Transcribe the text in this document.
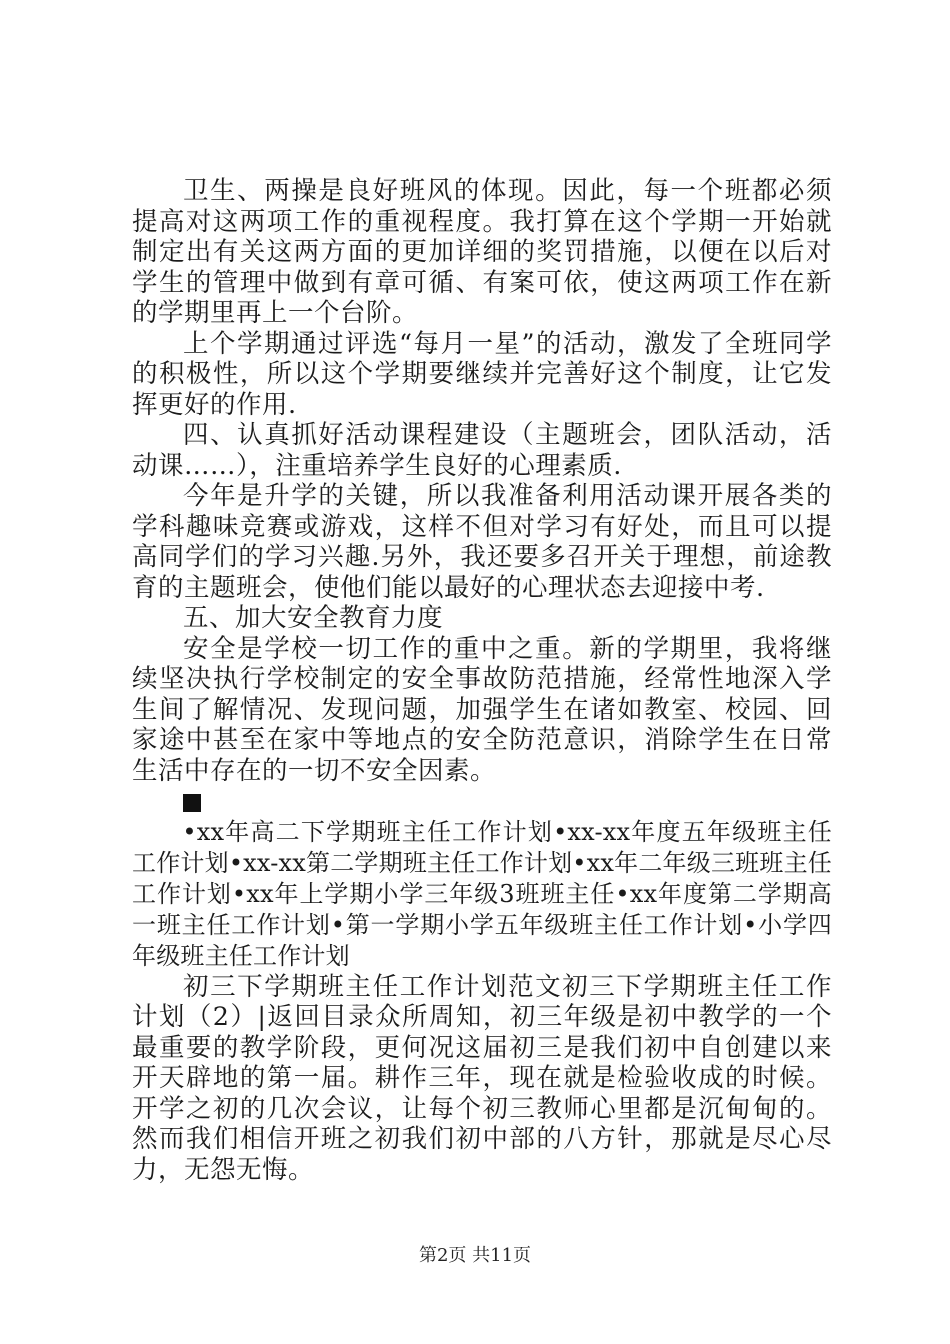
卫生、两操是良好班风的体现。因此，每一个班都必须提高对这两项工作的重视程度。我打算在这个学期一开始就制定出有关这两方面的更加详细的奖罚措施，以便在以后对学生的管理中做到有章可循、有案可依，使这两项工作在新的学期里再上一个台阶。

上个学期通过评选“每月一星”的活动，激发了全班同学的积极性，所以这个学期要继续并完善好这个制度，让它发挥更好的作用.

四、认真抓好活动课程建设（主题班会，团队活动，活动课……），注重培养学生良好的心理素质.

今年是升学的关键，所以我准备利用活动课开展各类的学科趣味竞赛或游戏，这样不但对学习有好处，而且可以提高同学们的学习兴趣.另外，我还要多召开关于理想，前途教育的主题班会，使他们能以最好的心理状态去迎接中考.

五、加大安全教育力度

安全是学校一切工作的重中之重。新的学期里，我将继续坚决执行学校制定的安全事故防范措施，经常性地深入学生间了解情况、发现问题，加强学生在诸如教室、校园、回家途中甚至在家中等地点的安全防范意识，消除学生在日常生活中存在的一切不安全因素。

•xx年高二下学期班主任工作计划•xx-xx年度五年级班主任工作计划•xx-xx第二学期班主任工作计划•xx年二年级三班班主任工作计划•xx年上学期小学三年级3班班主任•xx年度第二学期高一班主任工作计划•第一学期小学五年级班主任工作计划•小学四年级班主任工作计划

初三下学期班主任工作计划范文初三下学期班主任工作计划（2）|返回目录众所周知，初三年级是初中教学的一个最重要的教学阶段，更何况这届初三是我们初中自创建以来开天辟地的第一届。耕作三年，现在就是检验收成的时候。开学之初的几次会议，让每个初三教师心里都是沉甸甸的。然而我们相信开班之初我们初中部的八方针，那就是尽心尽力，无怨无悔。

第2页 共11页
